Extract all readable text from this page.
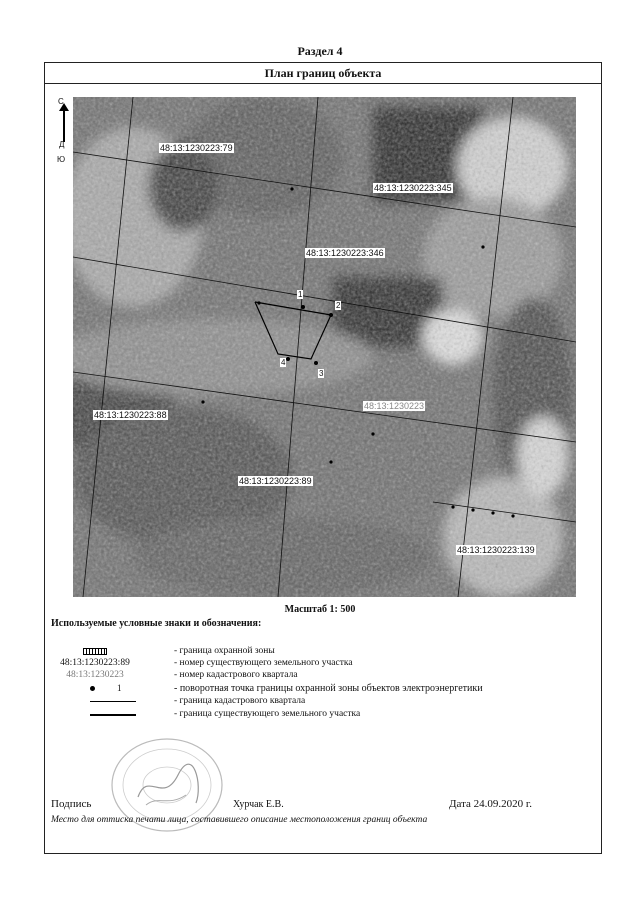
Раздел 4
План границ объекта
48:13:1230223:79
48:13:1230223:345
48:13:1230223:346
48:13:1230223:88
48:13:1230223:89
48:13:1230223:139
48:13:1230223
1
2
3
4
С
Д
Ю
Масштаб 1: 500
Используемые условные знаки и обозначения:
- граница охранной зоны
48:13:1230223:89	- номер существующего земельного участка
48:13:1230223	- номер кадастрового квартала
1	- поворотная точка границы охранной зоны объектов электроэнергетики
- граница кадастрового квартала
- граница существующего земельного участка
Подпись	Хурчак Е.В.	Дата 24.09.2020 г.
Место для оттиска печати лица, составившего описание местоположения границ объекта
